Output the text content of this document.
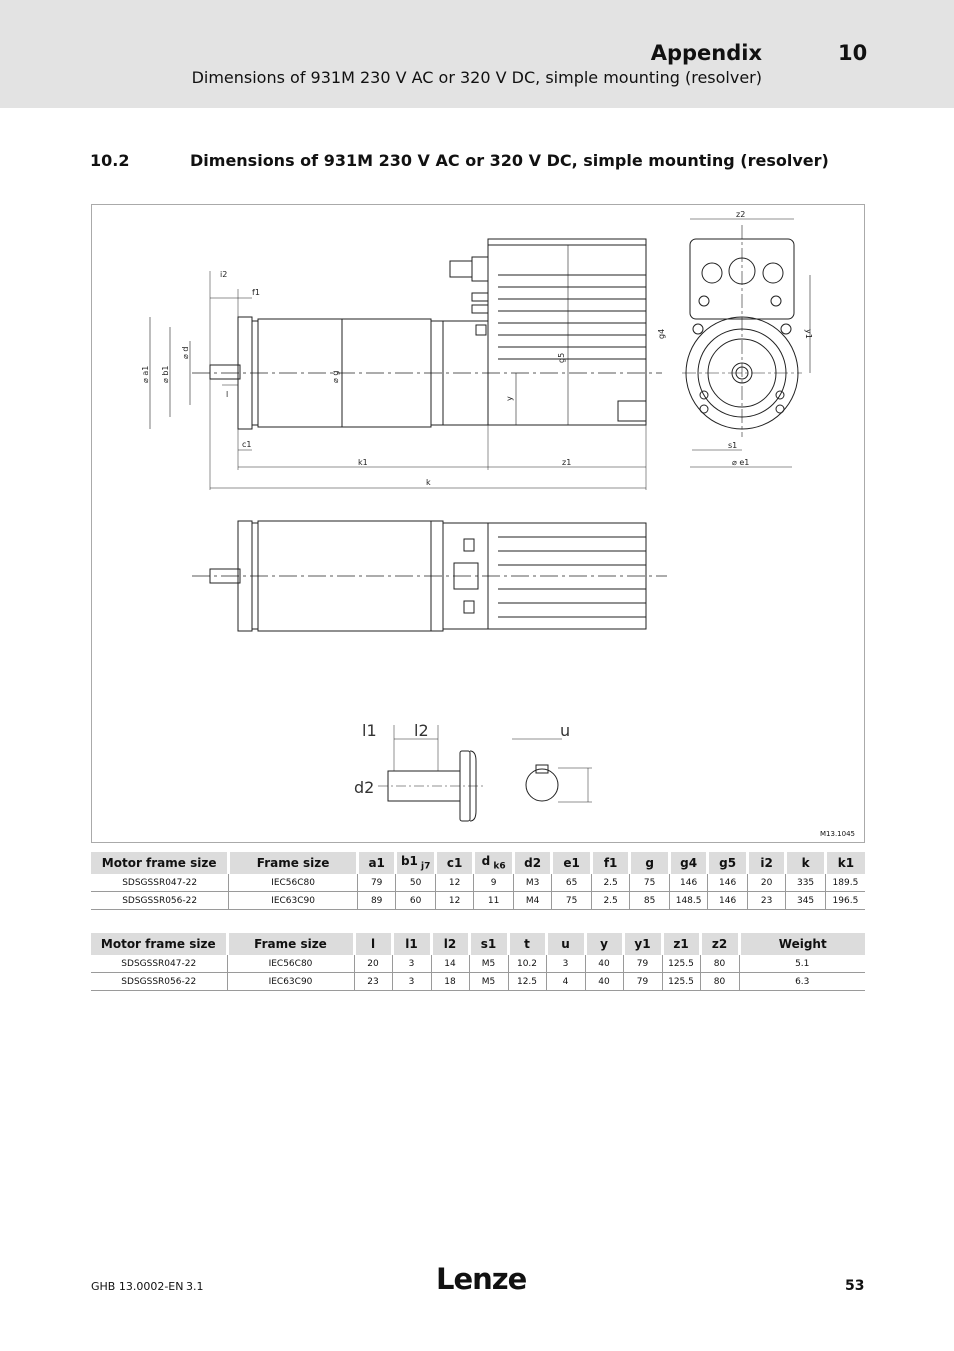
Appendix	10
Dimensions of 931M 230 V AC or 320 V DC, simple mounting (resolver)
10.2	Dimensions of 931M 230 V AC or 320 V DC, simple mounting (resolver)
i2
f1
⌀ a1 ⌀ b1
⌀ d
l
c1
⌀ g
y
g5
g4
k1	z1
k
z2
y1
s1
⌀ e1
l1 l2
d2
u
M13.1045
Motor frame size	Frame size	a1	b1 $_{j7}$	c1	d $_{k6}$	d2	e1	f1	g	g4	g5	i2	k	k1
SDSGSSR047-22	IEC56C80	79	50	12	9	M3	65	2.5	75	146	146	20	335	189.5
SDSGSSR056-22	IEC63C90	89	60	12	11	M4	75	2.5	85	148.5	146	23	345	196.5
Motor frame size	Frame size	l	l1	l2	s1	t	u	y	y1	z1	z2	Weight
SDSGSSR047-22	IEC56C80	20	3	14	M5	10.2	3	40	79	125.5	80	5.1
SDSGSSR056-22	IEC63C90	23	3	18	M5	12.5	4	40	79	125.5	80	6.3
GHB 13.0002-EN 3.1	Lenze	53
